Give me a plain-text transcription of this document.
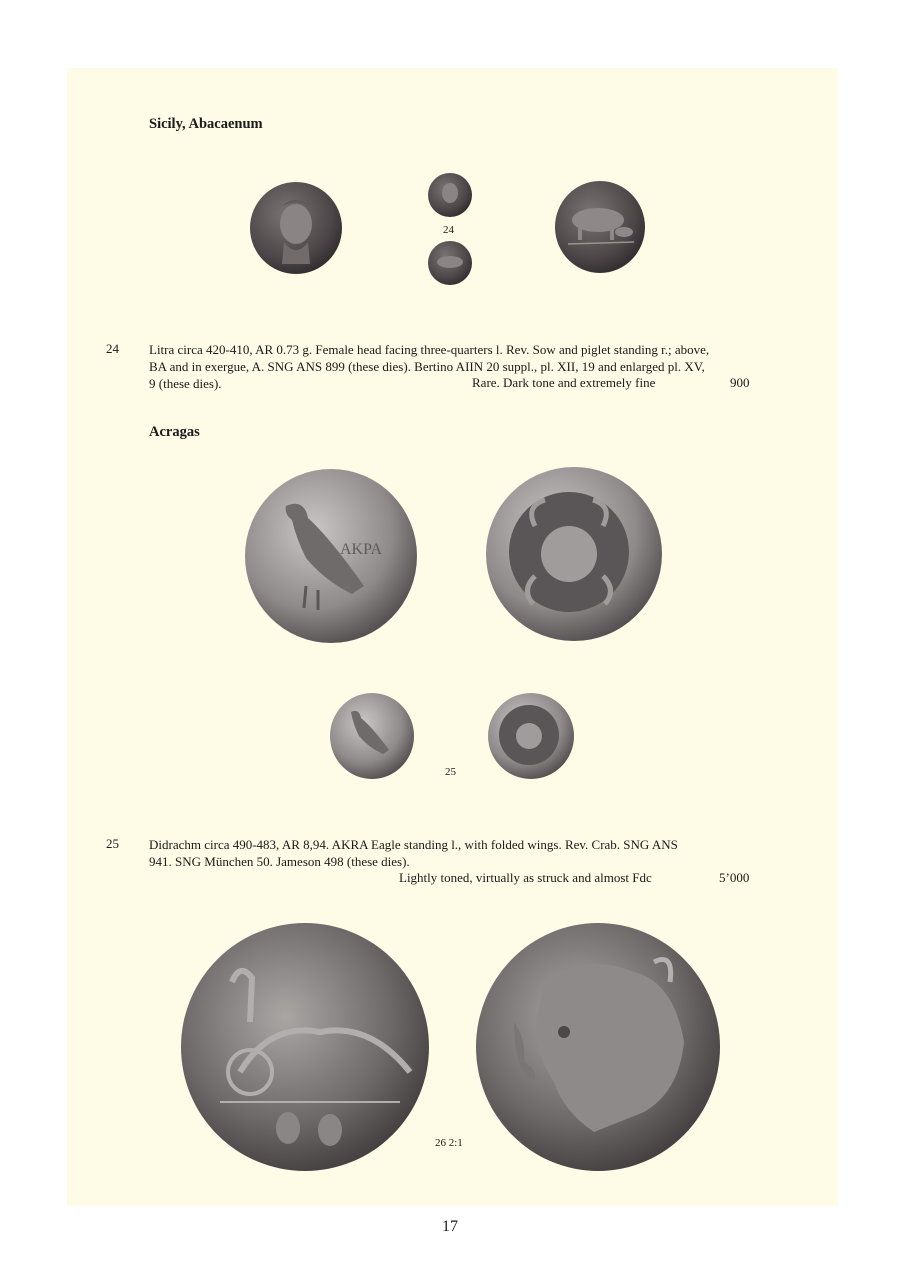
Sicily, Abacaenum
24
24 Litra circa 420-410, AR 0.73 g. Female head facing three-quarters l. Rev. Sow and piglet standing r.; above,
BA and in exergue, A. SNG ANS 899 (these dies). Bertino AIIN 20 suppl., pl. XII, 19 and enlarged pl. XV,
9 (these dies).	Rare. Dark tone and extremely fine	900
Acragas
ΑΚΡΑ
25
25 Didrachm circa 490-483, AR 8,94. AKRA Eagle standing l., with folded wings. Rev. Crab. SNG ANS
941. SNG München 50. Jameson 498 (these dies).
Lightly toned, virtually as struck and almost Fdc	5’000
26 2:1
17
